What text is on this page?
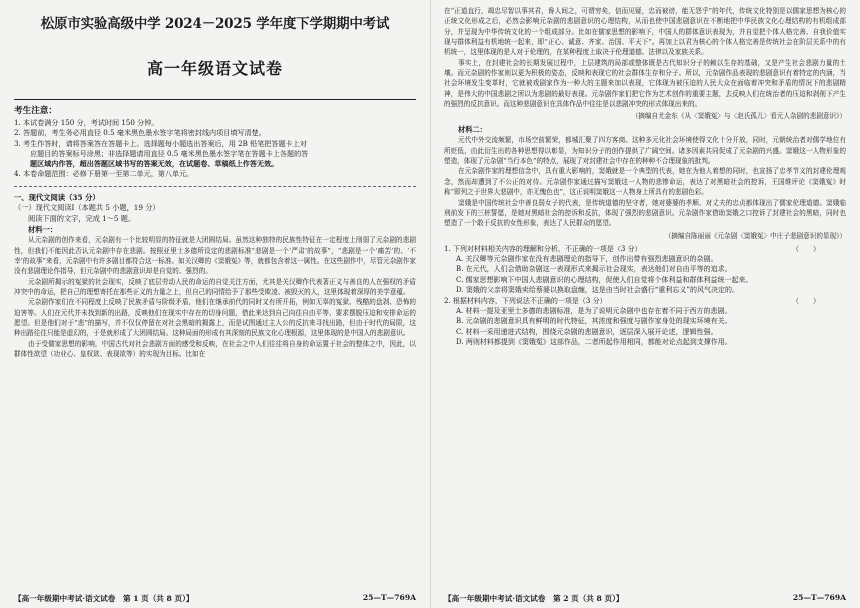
松原市实验高级中学 2024－2025 学年度下学期期中考试
高一年级语文试卷
考生注意：

1. 本试卷满分 150 分，考试时间 150 分钟。

2. 答题前，考生务必用直径 0.5 毫米黑色墨水签字笔将密封线内项目填写清楚。

3. 考生作答时，请将答案答在答题卡上。选择题每小题选出答案后，用 2B 铅笔把答题卡上对

应题目的答案标号涂黑；非选择题请用直径 0.5 毫米黑色墨水签字笔在答题卡上各题的答

题区域内作答，超出答题区域书写的答案无效，在试题卷、草稿纸上作答无效。

4. 本卷命题范围：必修下册第一至第二单元，第八单元。

一、现代文阅读（35 分）

（一）现代文阅读Ⅰ（本题共 5 小题，19 分）

阅读下面的文字，完成 1～5 题。

材料一：

从元杂剧的创作来看，元杂剧有一个比较明显的特征就是大团圆结局。虽然这种独特的民族性特征在一定程度上削弱了元杂剧的悲剧性，但我们不能因此否认元杂剧中存在悲剧。按照亚里士多德所设定的悲剧标准“悲剧是一个‘严肃’的故事”，“悲剧是一个‘痛苦’的、‘不幸’的故事”来看，元杂剧中有许多剧目都符合这一标准。如关汉卿的《窦娥冤》等，就都包含着这一属性。在这些剧作中，尽管元杂剧作家没有悲剧理论作指导，但元杂剧中的悲剧意识却是自觉的、强烈的。

元杂剧所揭示的冤狱的社会现实，反映了底层劳动人民的命运的自觉关注方面，尤其是关汉卿作代表著正义与善良的人在强权的矛盾冲突中的命运，把自己的理想寄托在那些正义的力量之上，但自己的同情给予了那些受欺凌、被毁灭的人，这里体现着深厚的美学意蕴。

元杂剧作家们在不同程度上反映了民族矛盾与阶级矛盾，他们在继承前代的同时又有所开拓，例如无辜的冤狱、残酷的盘剥、恐怖的迫害等。人们在元代并未找到新的出路，反映他们在现实中存在的切身问题，借此来达到自己向往自由平等、要求摆脱压迫和安排命运的愿望。但是他们对于“悲”的描写，并不仅仅停留在对社会黑暗的揭露上，而是试图通过主人公的反抗来寻找出路，但由于时代的局限，这种出路往往只能是虚幻的，于是就形成了大团圆结局。这种局面的形成有其深刻的民族文化心理根源，这里体现的是中国人的悲剧意识。

由于受儒家思想的影响，中国古代对社会悲剧方面的感受和反映，在社会之中人们往往将自身的命运置于社会的整体之中，因此，以群体性欲望（功业心、皇权欲、表现欲等）的实现为目标。比如在

【高一年级期中考试·语文试卷　第 1 页（共 8 页）】	25—T—769A

在“正道直行，竭忠尽智以事其君，谗人间之，可谓穷矣，信而见疑，忠而被谤，能无怨乎”的年代，传统文化特别是以儒家思想为核心的正统文化形成之后，必然会影响元杂剧的悲剧意识的心理结构，从而也使中国悲剧意识在不断地把中华民族文化心理结构的有机组成部分，并呈现为中华传统文化的一个组成部分。比如在儒家思想的影响下，中国人的群体意识表现为，并自觉把个体人格完善、自我价值实现与群体利益有机地统一起来，即“正心、诚意、齐家、治国、平天下”。再加上以君为核心的个体人格完善是传统社会在阶层关系中的有机统一，这里体现的是人对于伦理的，在某种程度上取决于伦理道德、法律以及家族关系。

事实上，在封建社会的长期发展过程中，上层建筑的局部或整体既是古代知识分子的赖以生存的基础，又是产生社会悲剧力量的土壤。而元杂剧的作家则以更为积极的姿态，反映和表现它的社会群体生存和分子。所以，元杂剧作品表现的悲剧意识有着特定的内涵，当社会环境发生变革时，它就被戏剧家作为一种大的主题来加以表现，它体现为被压迫的人民大众在面临着冲突和矛盾的情况下的悲剧精神，是伟大的中国悲剧之所以为悲剧的最好表现。元杂剧作家们把它作为艺术创作的重要主题，去反映人们在统治者的压迫和剥削下产生的强烈的反抗意识。而这种悲剧意识在具体作品中往往是以悲剧冲突的形式体现出来的。

（摘编自尤金东《从〈窦娥冤〉与〈赵氏孤儿〉看元人杂剧的悲剧意识》）

材料二：

元代中外交流频繁，市场空前繁荣，都城汇聚了四方客商。这种多元化社会环境使得文化十分开放，同时，元朝统治者对儒学地位有所贬低，由此衍生出的各种思想得以彰显，为知识分子的创作提供了广阔空间。诸多因素共同促成了元杂剧的兴盛。窦娥这一人物形象的塑造，体现了元杂剧“当行本色”的特点，展现了对封建社会中存在的种种不合理现象的批判。

在元杂剧作家的理想信念中，具有重大影响的，窦娥就是一个典型的代表，她在为他人着想的同时，也宣扬了忠孝节义的封建伦理观念，然而却遭到了不公正的对待。元杂剧作家通过描写窦娥这一人物的悲惨命运，表达了对黑暗社会的控诉，王国维评论《窦娥冤》时称“即列之于世界大悲剧中，亦无愧色也”，这正说明窦娥这一人物身上所具有的悲剧色彩。

窦娥是中国传统社会中善良弱女子的代表，是传统道德的坚守者，她对婆婆的孝顺、对丈夫的忠贞都体现出了儒家伦理道德。窦娥临刑前发下的三桩誓愿，是她对黑暗社会的控诉和反抗，体现了强烈的悲剧意识。元杂剧作家借助窦娥之口控诉了封建社会的黑暗，同时也塑造了一个敢于反抗的女性形象，表达了人民群众的愿望。

（摘编自陈丽丽《元杂剧〈窦娥冤〉中庄子悲剧意识的显现》）

1. 下列对材料相关内容的理解和分析，不正确的一项是（3 分）	（　　）

A. 关汉卿等元杂剧作家在没有悲剧理论的指导下，创作出带有强烈悲剧意识的杂剧。

B. 在元代，人们会借助杂剧这一表现形式来揭示社会现实，表达他们对自由平等的追求。

C. 儒家思想影响下中国人悲剧意识的心理结构，促使人们自觉将个体利益和群体利益统一起来。

D. 窦娥的父亲将窦娥卖给蔡婆以换取盘缠，这是由当时社会盛行“重利忘义”的风气决定的。

2. 根据材料内容，下列说法不正确的一项是（3 分）	（　　）

A. 材料一提及亚里士多德的悲剧标准，是为了说明元杂剧中也存在着不同于西方的悲剧。

B. 元杂剧的悲剧意识具有鲜明的时代特征，其浓度和强度与剧作家身处的现实环境有关。

C. 材料一采用递进式结构，围绕元杂剧的悲剧意识，逐层深入展开论述，逻辑性强。

D. 两则材料都提到《窦娥冤》这部作品，二者所起作用相同，都能对论点起到支撑作用。

【高一年级期中考试·语文试卷　第 2 页（共 8 页）】	25—T—769A
